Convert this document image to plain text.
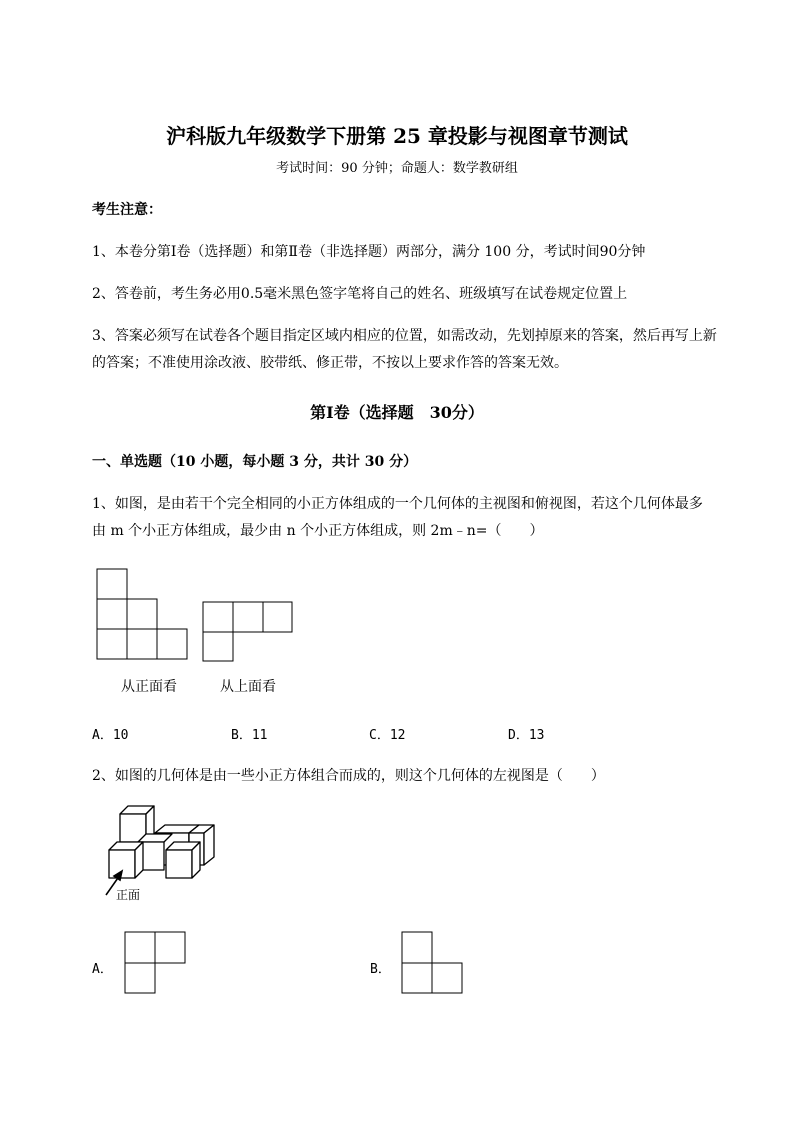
沪科版九年级数学下册第 25 章投影与视图章节测试
考试时间：90 分钟；命题人：数学教研组
考生注意：
1、本卷分第Ⅰ卷（选择题）和第Ⅱ卷（非选择题）两部分，满分 100 分，考试时间90分钟
2、答卷前，考生务必用0.5毫米黑色签字笔将自己的姓名、班级填写在试卷规定位置上
3、答案必须写在试卷各个题目指定区域内相应的位置，如需改动，先划掉原来的答案，然后再写上新
的答案；不准使用涂改液、胶带纸、修正带，不按以上要求作答的答案无效。
第Ⅰ卷（选择题　30分）
一、单选题（10 小题，每小题 3 分，共计 30 分）
1、如图，是由若干个完全相同的小正方体组成的一个几何体的主视图和俯视图，若这个几何体最多
由 m 个小正方体组成，最少由 n 个小正方体组成，则 2m﹣n=（　　）
从正面看	从上面看
A．10	B．11	C．12	D．13
2、如图的几何体是由一些小正方体组合而成的，则这个几何体的左视图是（　　）
正面
A．	B．
